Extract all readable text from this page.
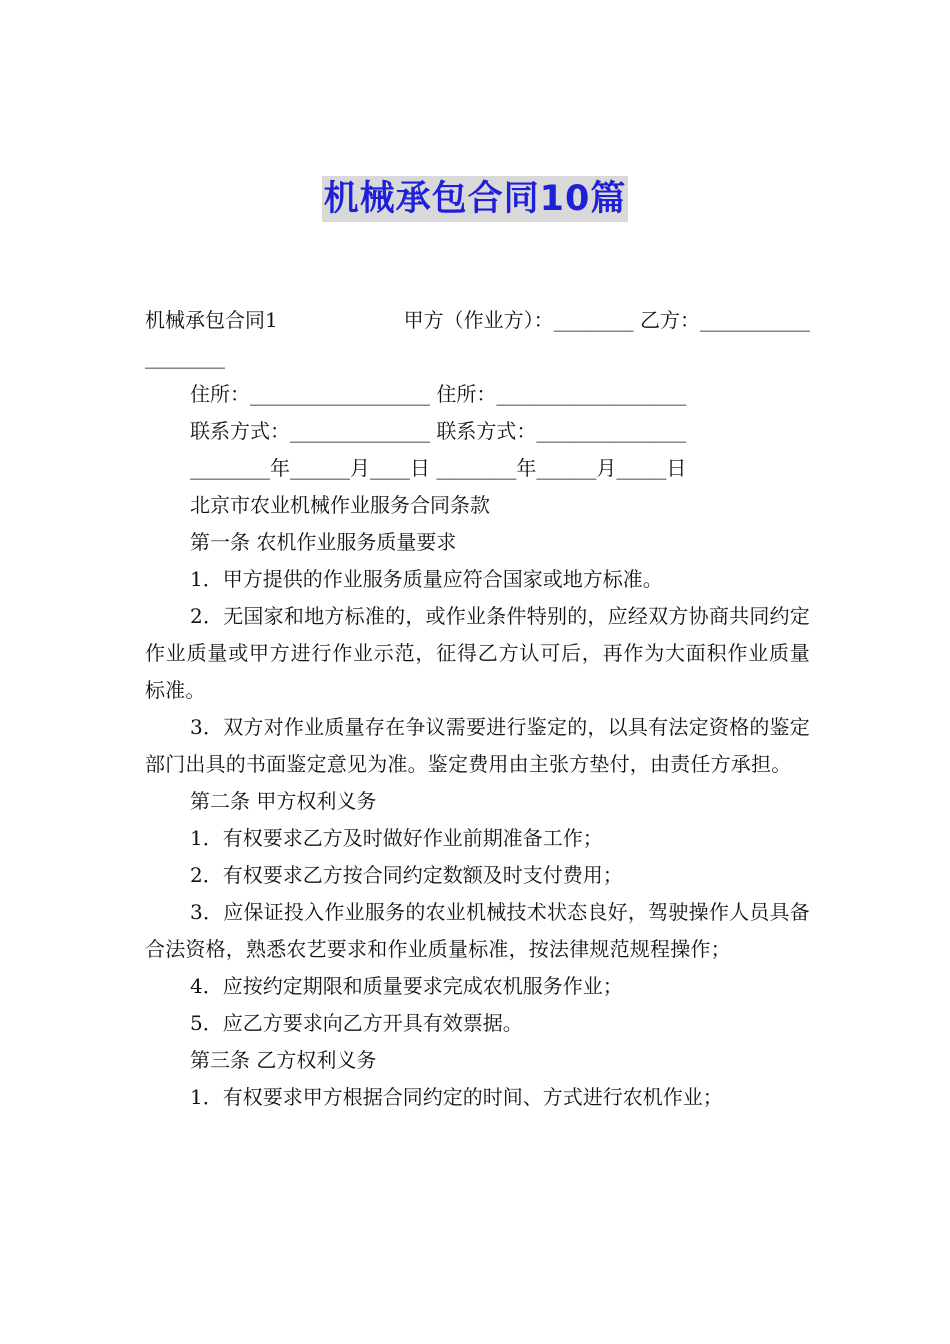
机械承包合同10篇
机械承包合同1	甲方（作业方）：________ 乙方：___________

________

住所：__________________ 住所：___________________

联系方式：______________ 联系方式：_______________

________年______月____日 ________年______月_____日

北京市农业机械作业服务合同条款

第一条 农机作业服务质量要求

1．甲方提供的作业服务质量应符合国家或地方标准。

2．无国家和地方标准的，或作业条件特别的，应经双方协商共同约定作业质量或甲方进行作业示范，征得乙方认可后，再作为大面积作业质量标准。

3．双方对作业质量存在争议需要进行鉴定的，以具有法定资格的鉴定部门出具的书面鉴定意见为准。鉴定费用由主张方垫付，由责任方承担。

第二条 甲方权利义务

1．有权要求乙方及时做好作业前期准备工作；

2．有权要求乙方按合同约定数额及时支付费用；

3．应保证投入作业服务的农业机械技术状态良好，驾驶操作人员具备合法资格，熟悉农艺要求和作业质量标准，按法律规范规程操作；

4．应按约定期限和质量要求完成农机服务作业；

5．应乙方要求向乙方开具有效票据。

第三条 乙方权利义务

1．有权要求甲方根据合同约定的时间、方式进行农机作业；
